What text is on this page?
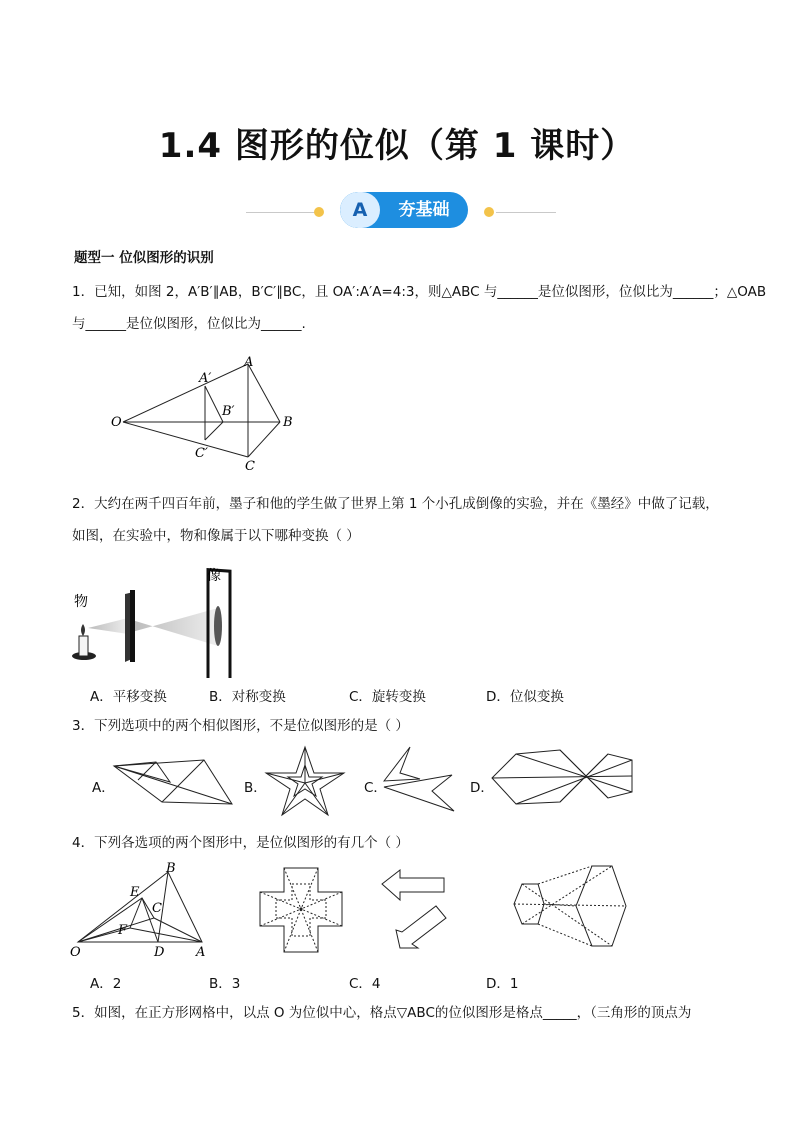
1.4 图形的位似（第 1 课时）
A	夯基础
题型一 位似图形的识别
1．已知，如图 2，A′B′∥AB，B′C′∥BC，且 OA′:A′A=4:3，则△ABC 与______是位似图形，位似比为______；△OAB
与______是位似图形，位似比为______.
A
A′
B′
B
O
C′
C
2．大约在两千四百年前，墨子和他的学生做了世界上第 1 个小孔成倒像的实验，并在《墨经》中做了记载，
如图，在实验中，物和像属于以下哪种变换（ ）
物
像
A．平移变换	B．对称变换	C．旋转变换	D．位似变换
3．下列选项中的两个相似图形，不是位似图形的是（ ）
A．	B．	C．	D．
4．下列各选项的两个图形中，是位似图形的有几个（ ）
B
E
C
F
O	D A
A．2	B．3	C．4	D．1
5．如图，在正方形网格中，以点 O 为位似中心，格点▽ABC的位似图形是格点_____，（三角形的顶点为
